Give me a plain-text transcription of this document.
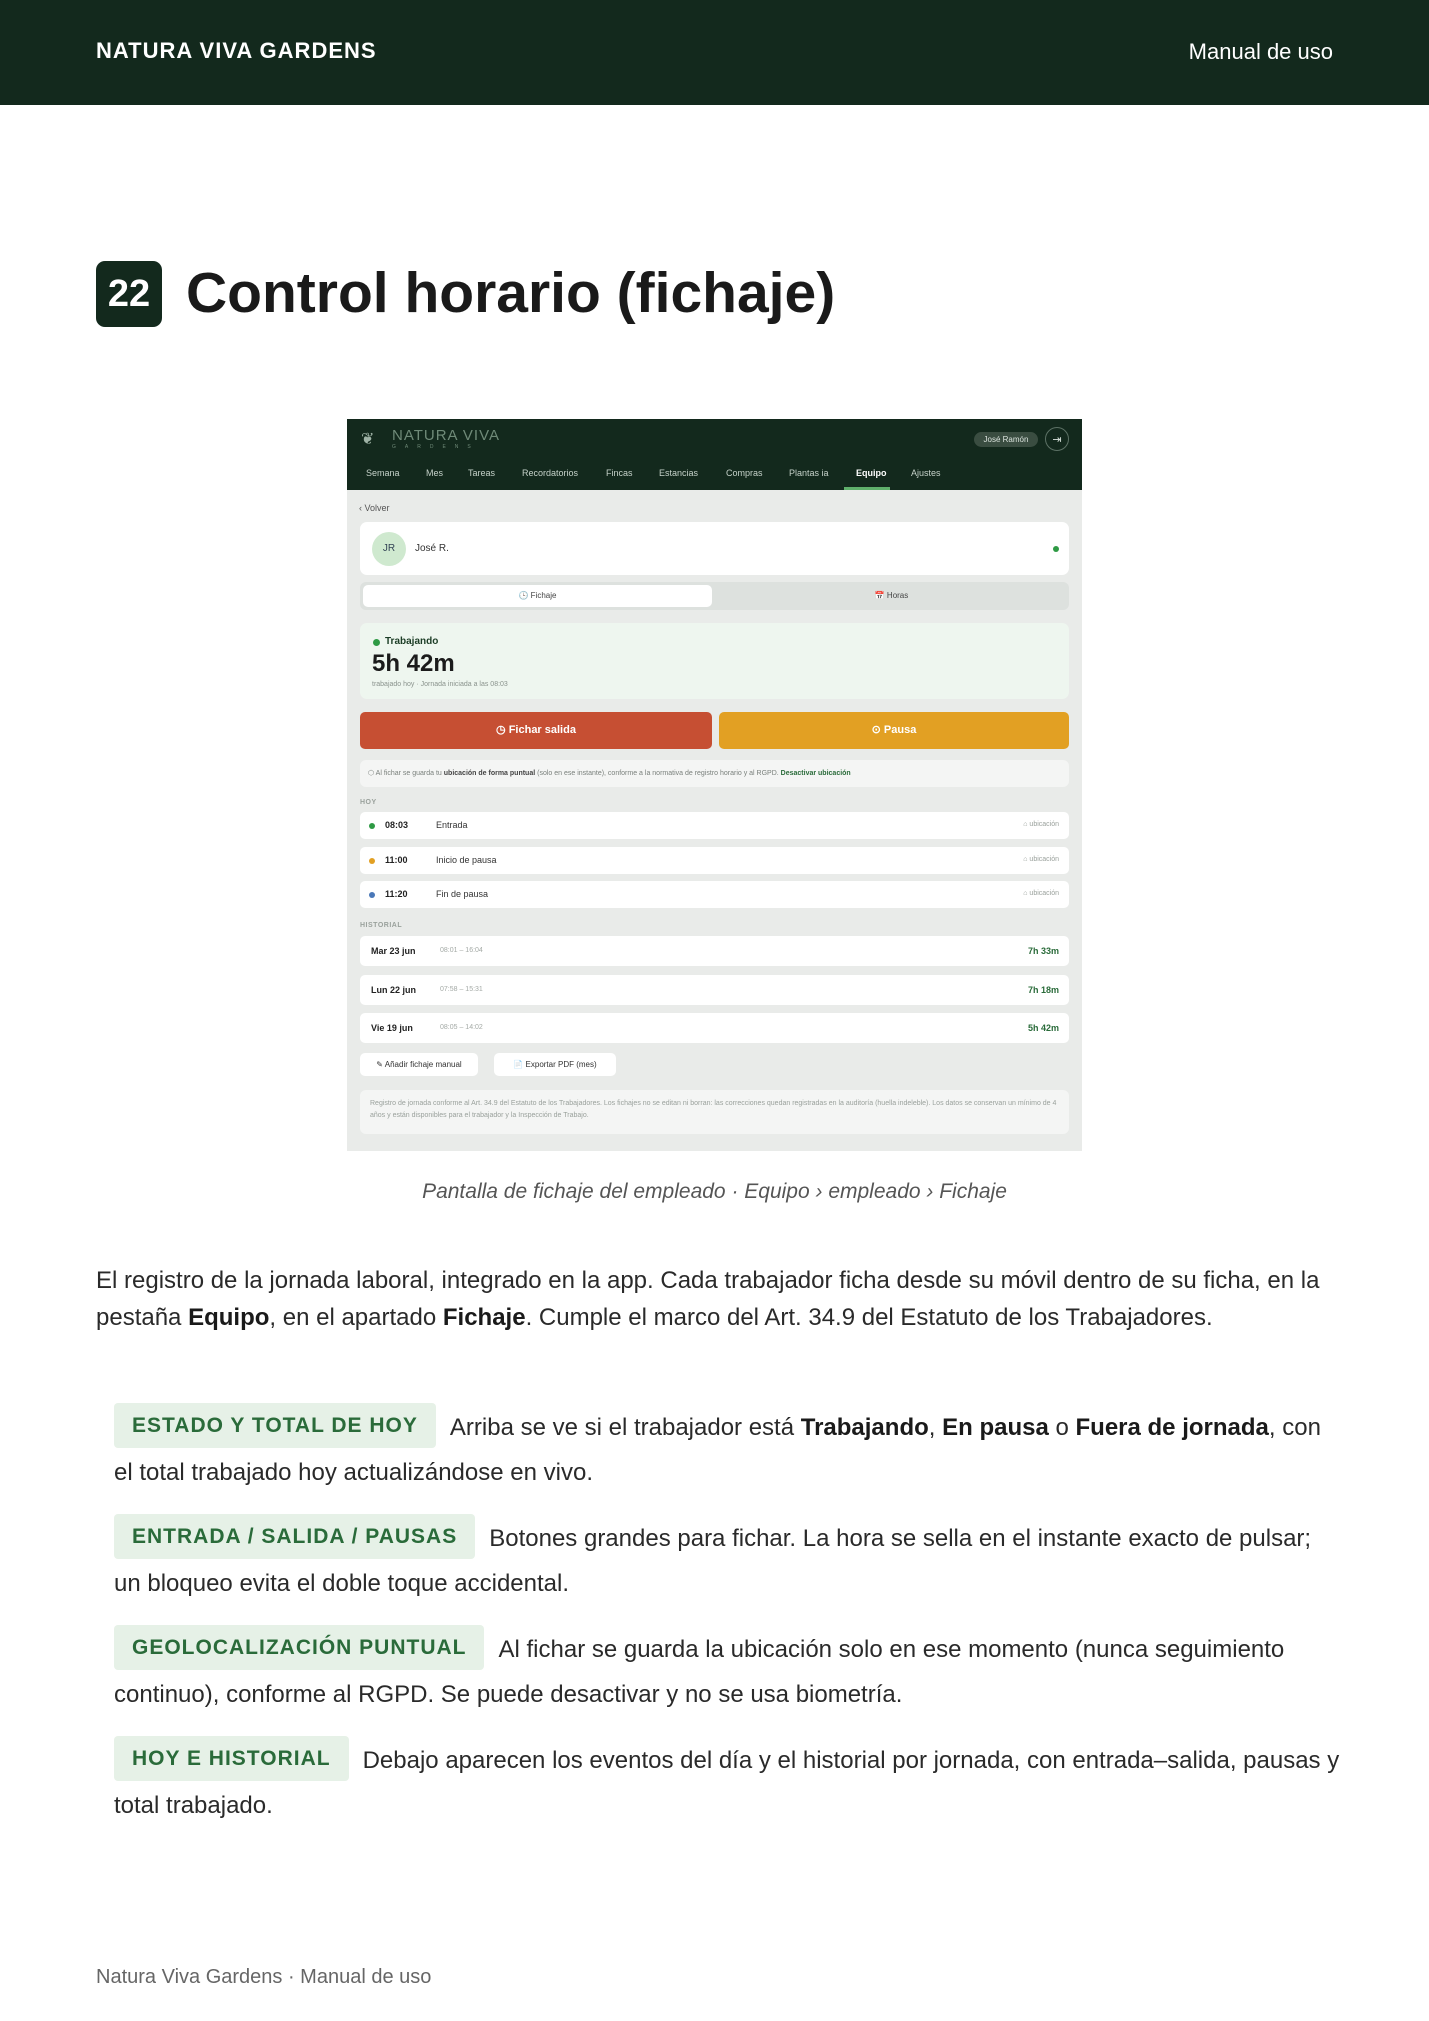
NATURA VIVA GARDENS	Manual de uso
22 Control horario (fichaje)
❦	NATURA VIVA
GARDENS
José Ramón	⇥
Semana	Mes	Tareas	Recordatorios	Fincas	Estancias	Compras	Plantas ia	Equipo	Ajustes
‹ Volver
JR	José R.
🕒 Fichaje	📅 Horas
Trabajando
5h 42m
trabajado hoy · Jornada iniciada a las 08:03
◷ Fichar salida	⊙ Pausa
⬡ Al fichar se guarda tu ubicación de forma puntual (solo en ese instante), conforme a la normativa de registro horario y al RGPD. Desactivar ubicación
HOY
08:03	Entrada	⌂ ubicación
11:00	Inicio de pausa	⌂ ubicación
11:20	Fin de pausa	⌂ ubicación
HISTORIAL
Mar 23 jun	08:01 – 16:04	7h 33m
Lun 22 jun	07:58 – 15:31	7h 18m
Vie 19 jun	08:05 – 14:02	5h 42m
✎ Añadir fichaje manual	📄 Exportar PDF (mes)
Registro de jornada conforme al Art. 34.9 del Estatuto de los Trabajadores. Los fichajes no se editan ni borran: las correcciones quedan registradas en la auditoría (huella indeleble). Los datos se conservan un mínimo de 4 años y están disponibles para el trabajador y la Inspección de Trabajo.
Pantalla de fichaje del empleado · Equipo › empleado › Fichaje
El registro de la jornada laboral, integrado en la app. Cada trabajador ficha desde su móvil dentro de su ficha, en la pestaña Equipo, en el apartado Fichaje. Cumple el marco del Art. 34.9 del Estatuto de los Trabajadores.
ESTADO Y TOTAL DE HOY Arriba se ve si el trabajador está Trabajando, En pausa o Fuera de jornada, con el total trabajado hoy actualizándose en vivo.
ENTRADA / SALIDA / PAUSAS Botones grandes para fichar. La hora se sella en el instante exacto de pulsar; un bloqueo evita el doble toque accidental.
GEOLOCALIZACIÓN PUNTUAL Al fichar se guarda la ubicación solo en ese momento (nunca seguimiento continuo), conforme al RGPD. Se puede desactivar y no se usa biometría.
HOY E HISTORIAL Debajo aparecen los eventos del día y el historial por jornada, con entrada–salida, pausas y total trabajado.
Natura Viva Gardens · Manual de uso
